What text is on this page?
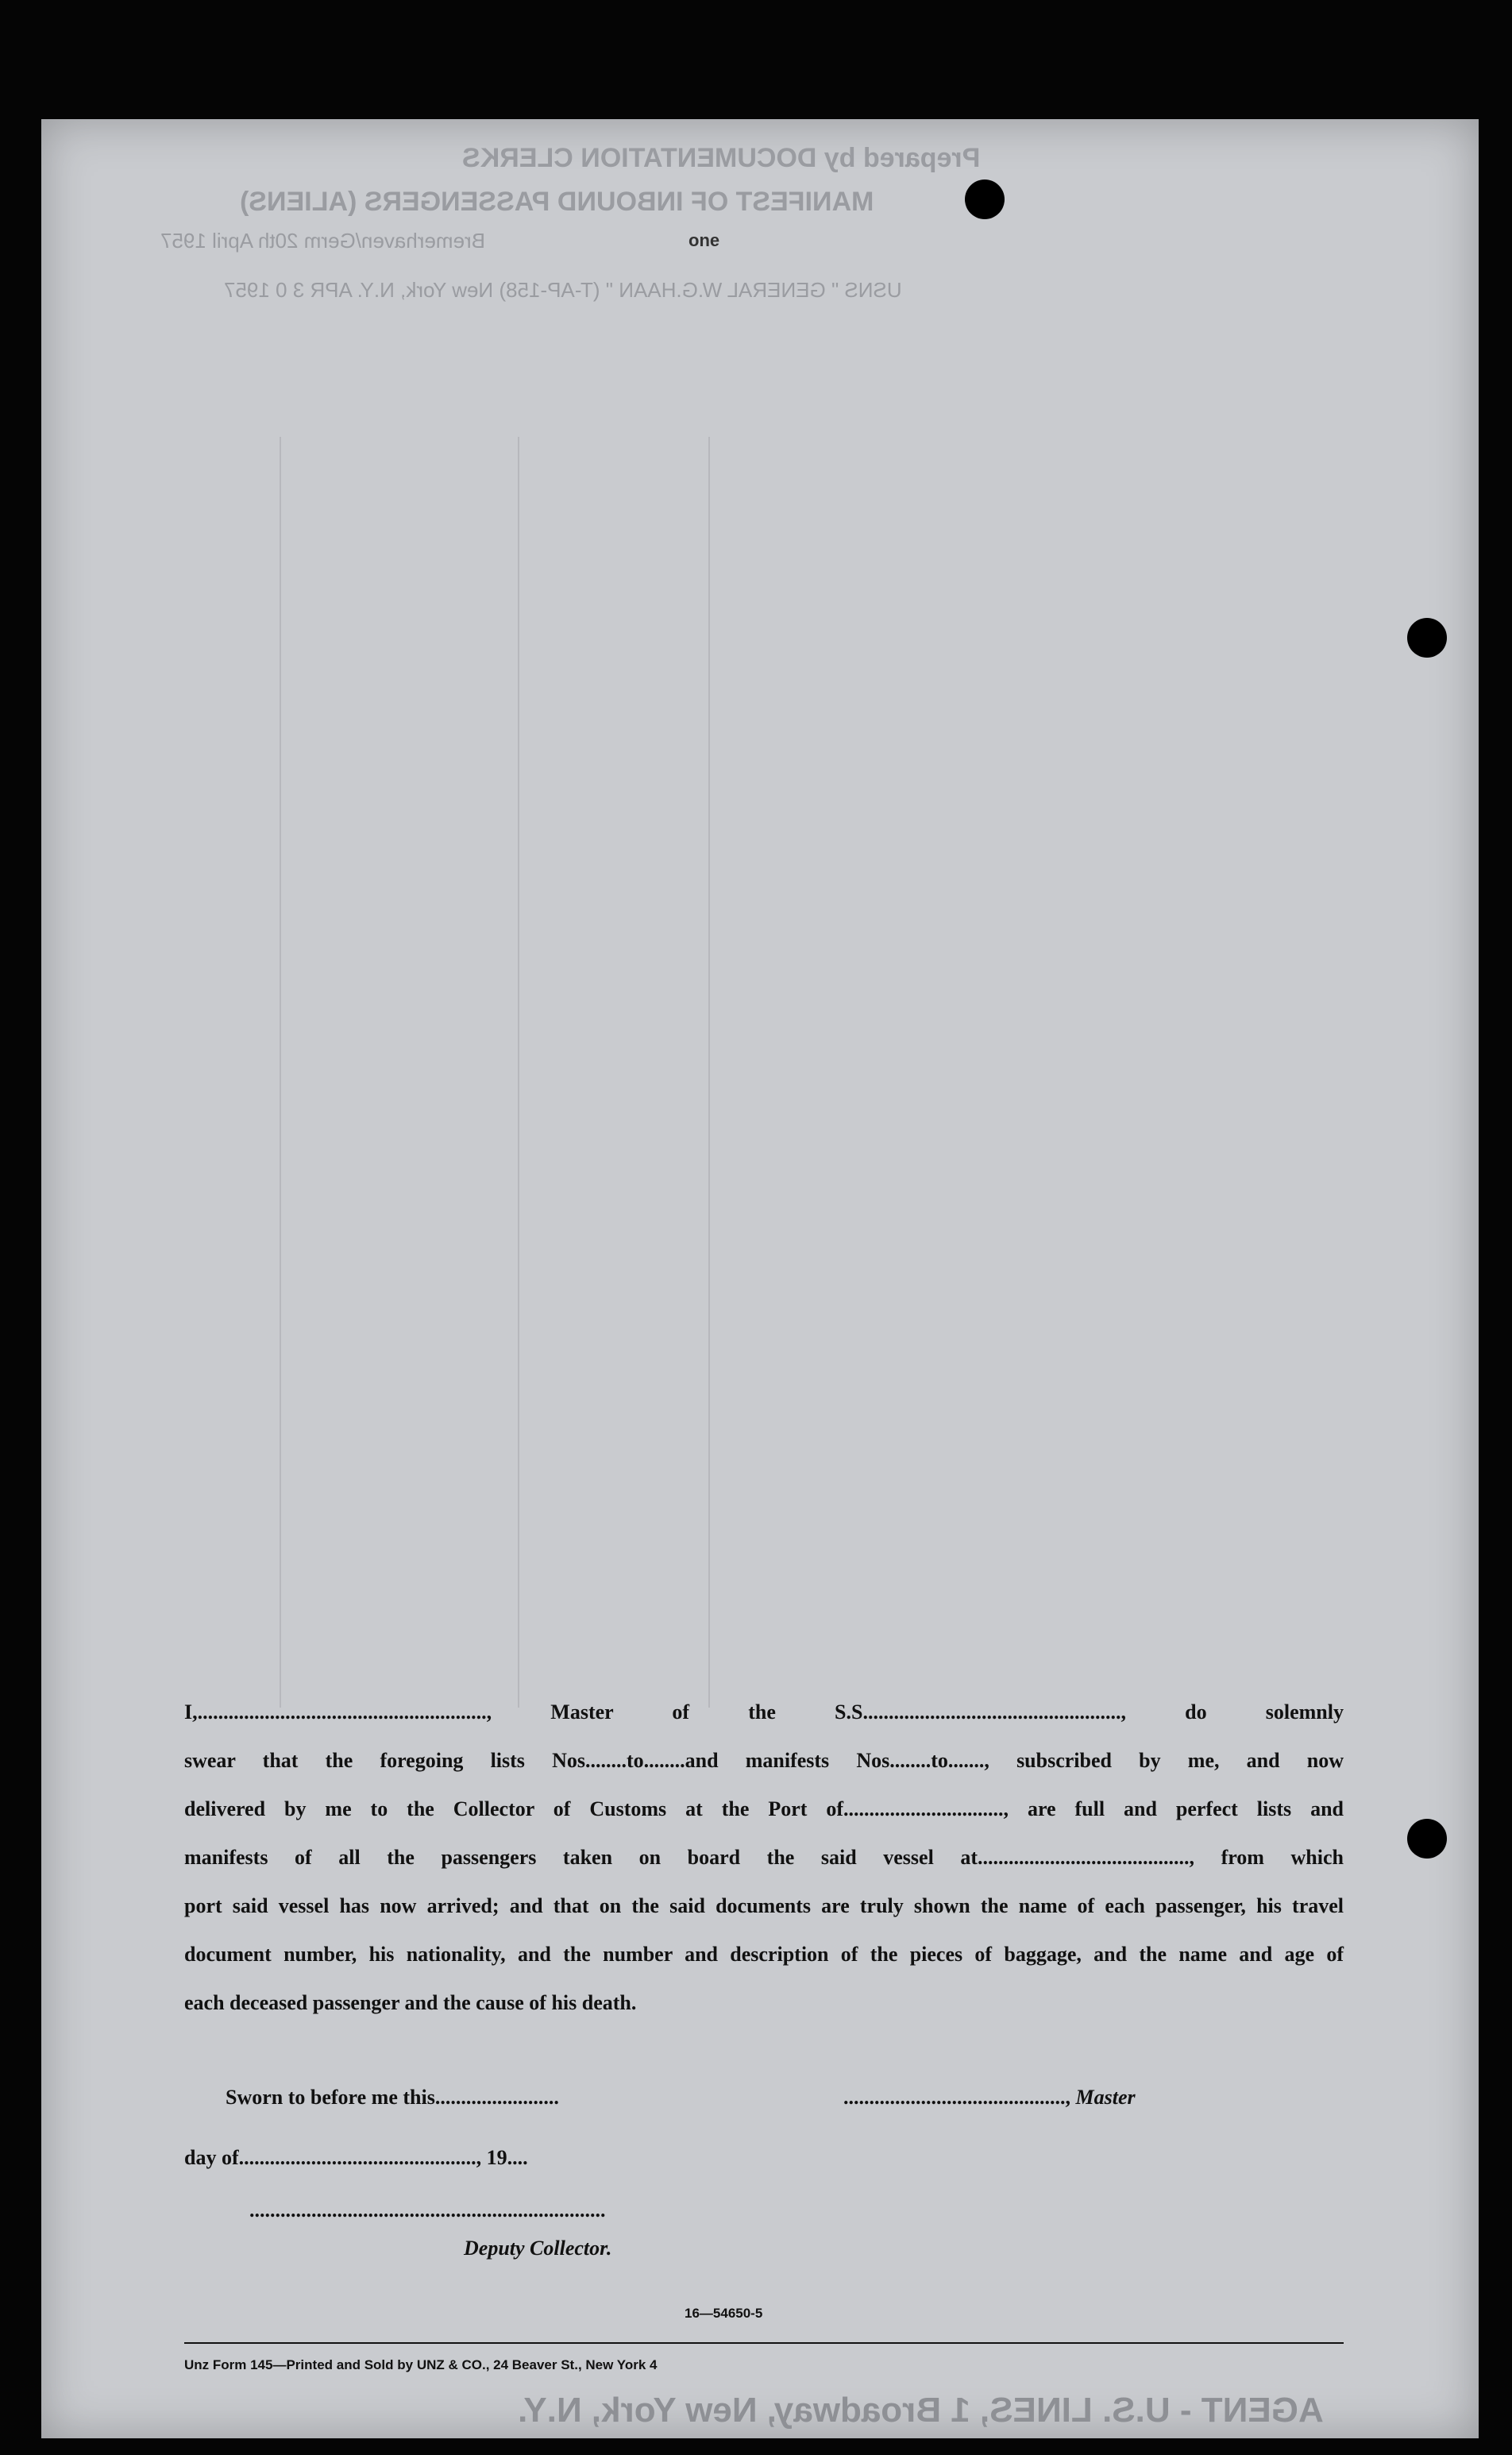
Prepared by DOCUMENTATION CLERKS
MANIFEST OF INBOUND PASSENGERS (ALIENS)
one
Bremerhaven/Germ 20th April 1957
USNS " GENERAL W.G.HAAN " (T-AP-158) New York, N.Y. APR 3 0 1957

I,........................................................, Master of the S.S.................................................., do solemnly

swear that the foregoing lists Nos........to........and manifests Nos........to......., subscribed by me, and now

delivered by me to the Collector of Customs at the Port of..............................., are full and perfect lists and

manifests of all the passengers taken on board the said vessel at........................................., from which

port said vessel has now arrived; and that on the said documents are truly shown the name of each passenger, his travel

document number, his nationality, and the number and description of the pieces of baggage, and the name and age of

each deceased passenger and the cause of his death.

Sworn to before me this........................	..........................................., Master
day of.............................................., 19....
.....................................................................
Deputy Collector.
16—54650-5
Unz Form 145—Printed and Sold by UNZ & CO., 24 Beaver St., New York 4
AGENT - U.S. LINES, 1 Broadway, New York, N.Y.
